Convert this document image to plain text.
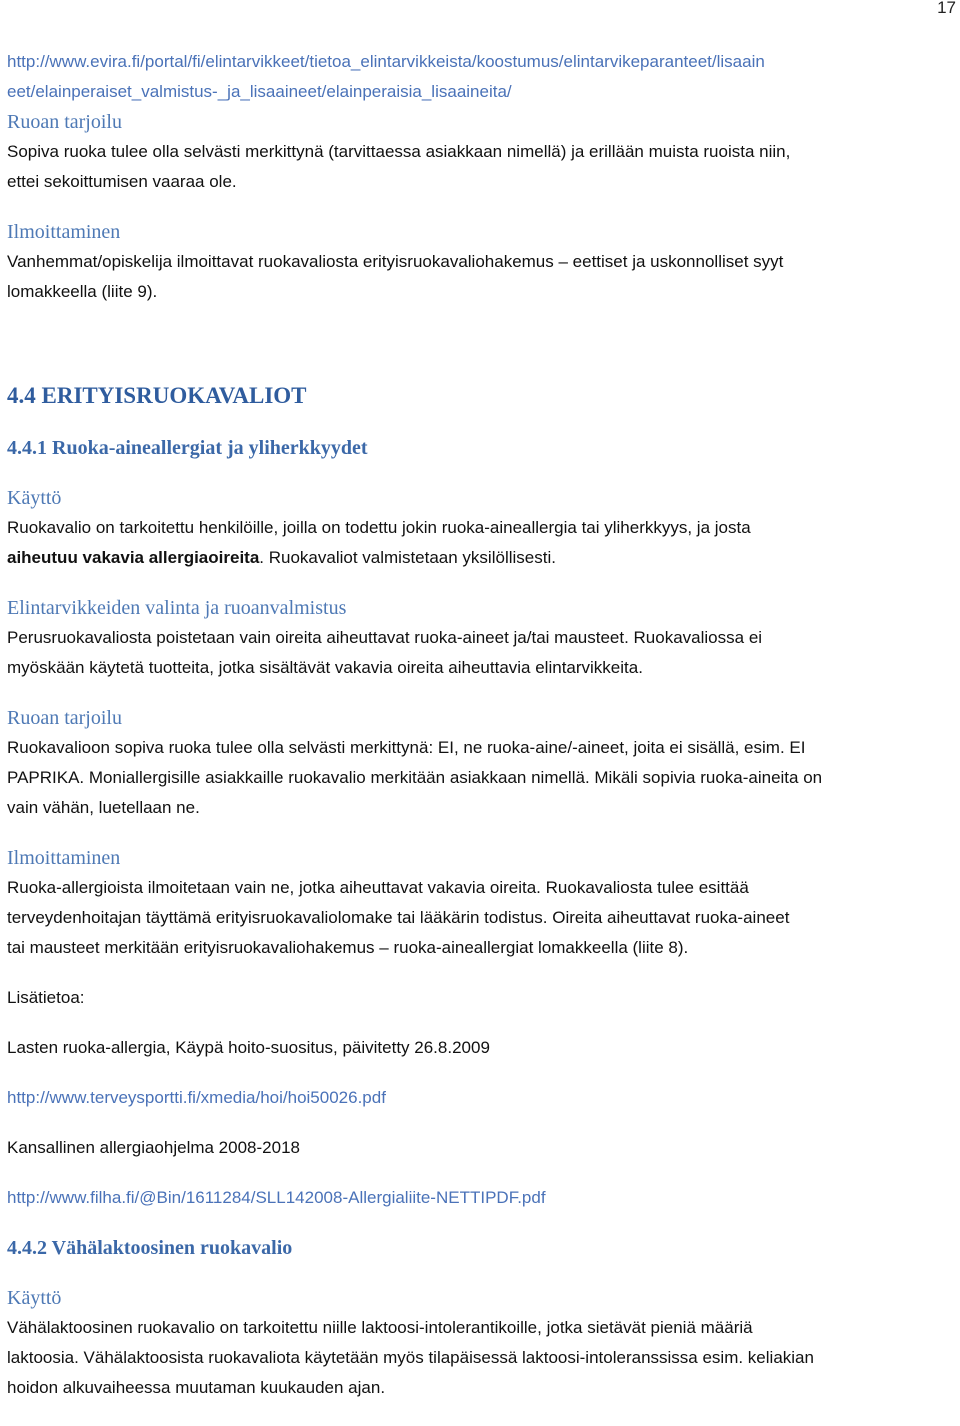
17
http://www.evira.fi/portal/fi/elintarvikkeet/tietoa_elintarvikkeista/koostumus/elintarvikeparanteet/lisaain
eet/elainperaiset_valmistus-_ja_lisaaineet/elainperaisia_lisaaineita/
Ruoan tarjoilu
Sopiva ruoka tulee olla selvästi merkittynä (tarvittaessa asiakkaan nimellä) ja erillään muista ruoista niin,
ettei sekoittumisen vaaraa ole.
Ilmoittaminen
Vanhemmat/opiskelija ilmoittavat ruokavaliosta erityisruokavaliohakemus – eettiset ja uskonnolliset syyt
lomakkeella (liite 9).
4.4 ERITYISRUOKAVALIOT
4.4.1 Ruoka-aineallergiat ja yliherkkyydet
Käyttö
Ruokavalio on tarkoitettu henkilöille, joilla on todettu jokin ruoka-aineallergia tai yliherkkyys, ja josta
aiheutuu vakavia allergiaoireita. Ruokavaliot valmistetaan yksilöllisesti.
Elintarvikkeiden valinta ja ruoanvalmistus
Perusruokavaliosta poistetaan vain oireita aiheuttavat ruoka-aineet ja/tai mausteet. Ruokavaliossa ei
myöskään käytetä tuotteita, jotka sisältävät vakavia oireita aiheuttavia elintarvikkeita.
Ruoan tarjoilu
Ruokavalioon sopiva ruoka tulee olla selvästi merkittynä: EI, ne ruoka-aine/-aineet, joita ei sisällä, esim. EI
PAPRIKA. Moniallergisille asiakkaille ruokavalio merkitään asiakkaan nimellä. Mikäli sopivia ruoka-aineita on
vain vähän, luetellaan ne.
Ilmoittaminen
Ruoka-allergioista ilmoitetaan vain ne, jotka aiheuttavat vakavia oireita. Ruokavaliosta tulee esittää
terveydenhoitajan täyttämä erityisruokavaliolomake tai lääkärin todistus. Oireita aiheuttavat ruoka-aineet
tai mausteet merkitään erityisruokavaliohakemus – ruoka-aineallergiat lomakkeella (liite 8).
Lisätietoa:
Lasten ruoka-allergia, Käypä hoito-suositus, päivitetty 26.8.2009
http://www.terveysportti.fi/xmedia/hoi/hoi50026.pdf
Kansallinen allergiaohjelma 2008-2018
http://www.filha.fi/@Bin/1611284/SLL142008-Allergialiite-NETTIPDF.pdf
4.4.2 Vähälaktoosinen ruokavalio
Käyttö
Vähälaktoosinen ruokavalio on tarkoitettu niille laktoosi-intolerantikoille, jotka sietävät pieniä määriä
laktoosia. Vähälaktoosista ruokavaliota käytetään myös tilapäisessä laktoosi-intoleranssissa esim. keliakian
hoidon alkuvaiheessa muutaman kuukauden ajan.
